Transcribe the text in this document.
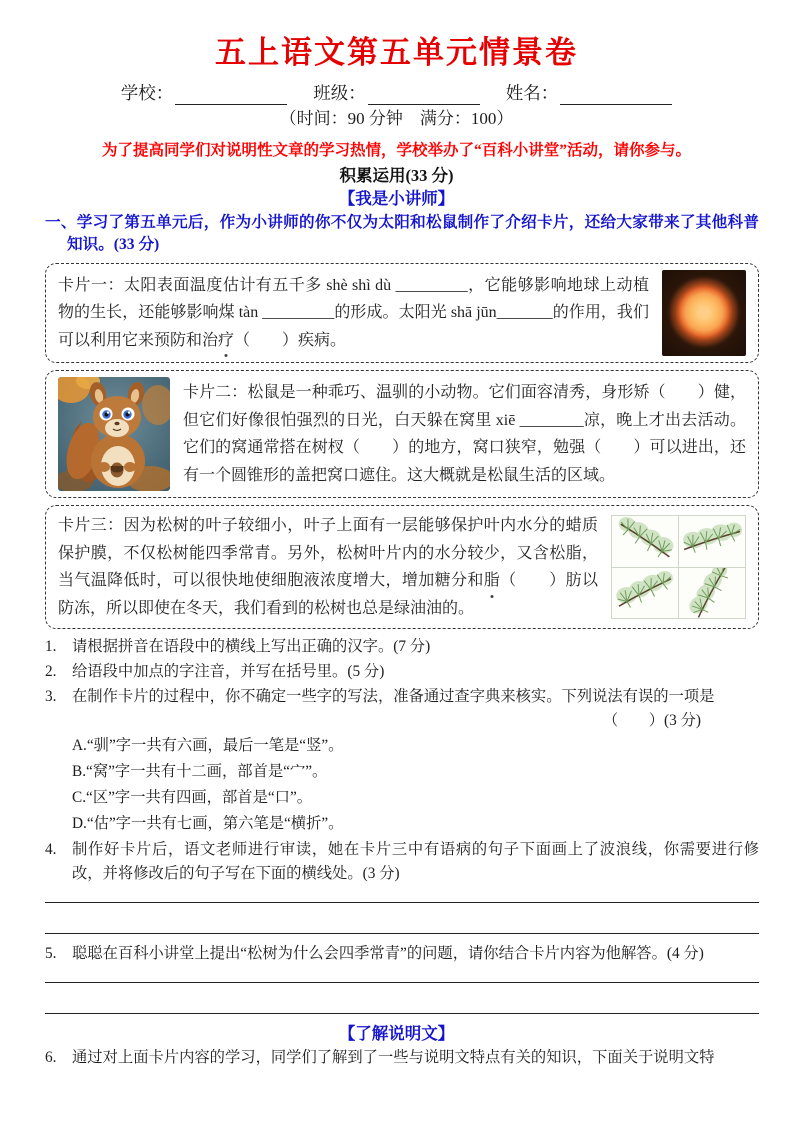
五上语文第五单元情景卷
学校：	班级：	姓名：
（时间：90 分钟　满分：100）
为了提高同学们对说明性文章的学习热情，学校举办了“百科小讲堂”活动，请你参与。
积累运用(33 分)
【我是小讲师】
一、学习了第五单元后，作为小讲师的你不仅为太阳和松鼠制作了介绍卡片，还给大家带来了其他科普知识。(33 分)
卡片一：太阳表面温度估计有五千多 shè shì dù _________，它能够影响地球上动植物的生长，还能够影响煤 tàn _________的形成。太阳光 shā jūn_______的作用，我们可以利用它来预防和治疗（　　）疾病。
卡片二：松鼠是一种乖巧、温驯的小动物。它们面容清秀，身形矫（　　）健，但它们好像很怕强烈的日光，白天躲在窝里 xiē ________凉，晚上才出去活动。它们的窝通常搭在树杈（　　）的地方，窝口狭窄，勉强（　　）可以进出，还有一个圆锥形的盖把窝口遮住。这大概就是松鼠生活的区域。
卡片三：因为松树的叶子较细小，叶子上面有一层能够保护叶内水分的蜡质保护膜，不仅松树能四季常青。另外，松树叶片内的水分较少，又含松脂，当气温降低时，可以很快地使细胞液浓度增大，增加糖分和脂（　　）肪以防冻，所以即使在冬天，我们看到的松树也总是绿油油的。
1.	请根据拼音在语段中的横线上写出正确的汉字。(7 分)
2.	给语段中加点的字注音，并写在括号里。(5 分)
3.	在制作卡片的过程中，你不确定一些字的写法，准备通过查字典来核实。下列说法有误的一项是
（　　）(3 分)
A.“驯”字一共有六画，最后一笔是“竖”。
B.“窝”字一共有十二画，部首是“宀”。
C.“区”字一共有四画，部首是“口”。
D.“估”字一共有七画，第六笔是“横折”。
4.	制作好卡片后，语文老师进行审读，她在卡片三中有语病的句子下面画上了波浪线，你需要进行修改，并将修改后的句子写在下面的横线处。(3 分)
5.	聪聪在百科小讲堂上提出“松树为什么会四季常青”的问题，请你结合卡片内容为他解答。(4 分)
【了解说明文】
6.	通过对上面卡片内容的学习，同学们了解到了一些与说明文特点有关的知识，下面关于说明文特
